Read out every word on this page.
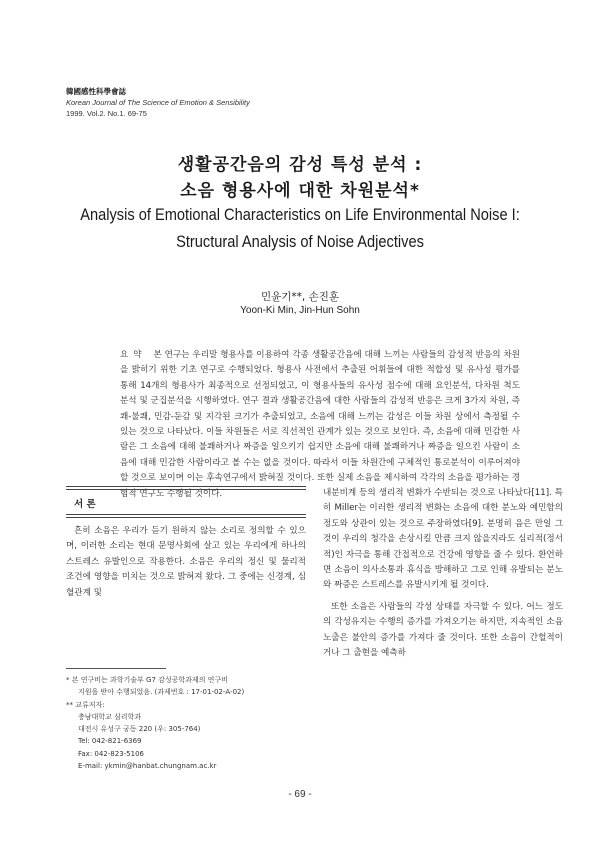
韓國感性科學會誌
Korean Journal of The Science of Emotion & Sensibility
1999. Vol.2. No.1. 69-75
생활공간음의 감성 특성 분석 :
소음 형용사에 대한 차원분석*
Analysis of Emotional Characteristics on Life Environmental Noise I:
Structural Analysis of Noise Adjectives
민윤기**, 손진훈
Yoon-Ki Min, Jin-Hun Sohn
요약 본 연구는 우리말 형용사를 이용하여 각종 생활공간음에 대해 느끼는 사람들의 감성적 반응의 차원을 밝히기 위한 기초 연구로 수행되었다. 형용사 사전에서 추출된 어휘들에 대한 적합성 및 유사성 평가를 통해 14개의 형용사가 최종적으로 선정되었고, 이 형용사들의 유사성 점수에 대해 요인분석, 다차원 척도 분석 및 군집분석을 시행하였다. 연구 결과 생활공간음에 대한 사람들의 감성적 반응은 크게 3가지 차원, 즉 쾌-불쾌, 민감-둔감 및 지각된 크기가 추출되었고, 소음에 대해 느끼는 감성은 이들 차원 상에서 측정될 수 있는 것으로 나타났다. 이들 차원들은 서로 직선적인 관계가 있는 것으로 보인다. 즉, 소음에 대해 민감한 사람은 그 소음에 대해 불쾌하거나 짜증을 일으키기 쉽지만 소음에 대해 불쾌하거나 짜증을 일으킨 사람이 소음에 대해 민감한 사람이라고 볼 수는 없을 것이다. 따라서 이들 차원간에 구체적인 통로분석이 이루어져야 할 것으로 보이며 이는 후속연구에서 밝혀질 것이다. 또한 실제 소음을 제시하여 각각의 소음을 평가하는 경험적 연구도 수행될 것이다.
서 론

흔히 소음은 우리가 듣기 원하지 않는 소리로 정의할 수 있으며, 이러한 소리는 현대 문명사회에 살고 있는 우리에게 하나의 스트레스 유발인으로 작용한다. 소음은 우리의 정신 및 물리적 조건에 영향을 미치는 것으로 밝혀져 왔다. 그 중에는 신경계, 심혈관계 및

내분비계 등의 생리적 변화가 수반되는 것으로 나타났다[11]. 특히 Miller는 이러한 생리적 변화는 소음에 대한 분노와 예민함의 정도와 상관이 있는 것으로 주장하였다[9]. 분명히 음은 만일 그것이 우리의 청각을 손상시킬 만큼 크지 않을지라도 심리적(정서적)인 자극을 통해 간접적으로 건강에 영향을 줄 수 있다. 환언하면 소음이 의사소통과 휴식을 방해하고 그로 인해 유발되는 분노와 짜증은 스트레스를 유발시키게 될 것이다.

또한 소음은 사람들의 각성 상태를 자극할 수 있다. 어느 정도의 각성유지는 수행의 증가를 가져오기는 하지만, 지속적인 소음 노출은 불안의 증가를 가져다 줄 것이다. 또한 소음이 간헐적이거나 그 출현을 예측하

* 본 연구비는 과학기술부 G7 감성공학과제의 연구비
지원을 받아 수행되었음. (과제번호 : 17-01-02-A-02)
** 교류저자:
충남대학교 심리학과
대전시 유성구 궁동 220 (우: 305-764)
Tel: 042-821-6369
Fax: 042-823-5106
E-mail: ykmin@hanbat.chungnam.ac.kr
- 69 -
